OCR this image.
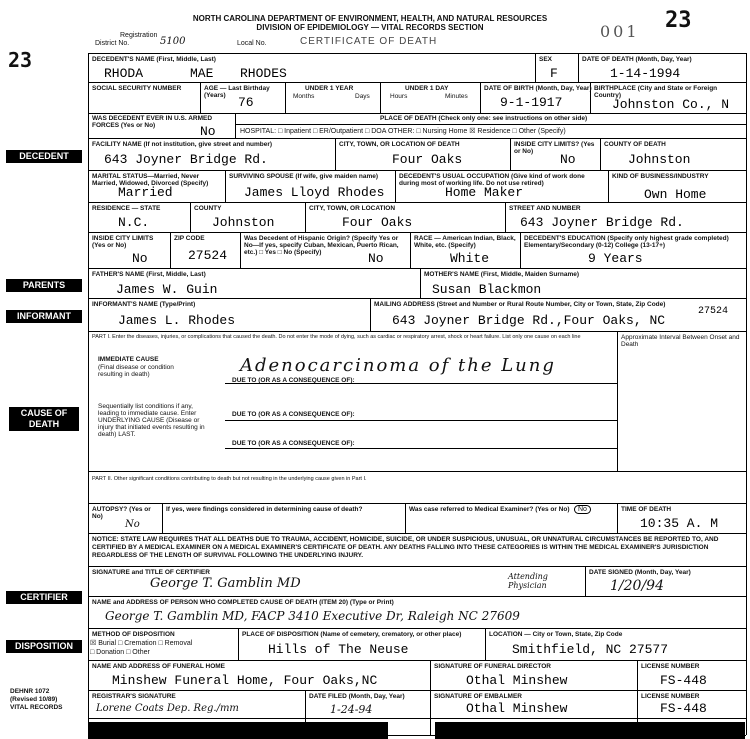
NORTH CAROLINA DEPARTMENT OF ENVIRONMENT, HEALTH, AND NATURAL RESOURCES
DIVISION OF EPIDEMIOLOGY — VITAL RECORDS SECTION
Registration
District No.	5100	Local No.	CERTIFICATE OF DEATH
23
001
23
DECEDENT
PARENTS
INFORMANT
CAUSE OF DEATH
CERTIFIER
DISPOSITION
DECEDENT'S NAME (First, Middle, Last)
RHODA	MAE RHODES
SEX
F
DATE OF DEATH (Month, Day, Year)
1-14-1994
SOCIAL SECURITY NUMBER	AGE — Last Birthday (Years) 76
UNDER 1 YEAR
Months	Days
UNDER 1 DAY
Hours	Minutes
DATE OF BIRTH (Month, Day, Year)
9-1-1917
BIRTHPLACE (City and State or Foreign Country)
Johnston Co., N
WAS DECEDENT EVER IN U.S. ARMED FORCES (Yes or No)	No
PLACE OF DEATH (Check only one: see instructions on other side)
HOSPITAL: □ Inpatient □ ER/Outpatient □ DOA OTHER: □ Nursing Home ☒ Residence □ Other (Specify)
FACILITY NAME (If not institution, give street and number)
643 Joyner Bridge Rd.
CITY, TOWN, OR LOCATION OF DEATH
Four Oaks
INSIDE CITY LIMITS? (Yes or No)
No
COUNTY OF DEATH
Johnston
MARITAL STATUS—Married, Never Married, Widowed, Divorced (Specify)
Married
SURVIVING SPOUSE (If wife, give maiden name)
James Lloyd Rhodes
DECEDENT'S USUAL OCCUPATION (Give kind of work done during most of working life. Do not use retired)
Home Maker
KIND OF BUSINESS/INDUSTRY
Own Home
RESIDENCE — STATE
N.C.
COUNTY
Johnston
CITY, TOWN, OR LOCATION
Four Oaks
STREET AND NUMBER
643 Joyner Bridge Rd.
INSIDE CITY LIMITS (Yes or No)
No
ZIP CODE
27524
Was Decedent of Hispanic Origin? (Specify Yes or No—If yes, specify Cuban, Mexican, Puerto Rican, etc.) □ Yes □ No (Specify)	No
RACE — American Indian, Black, White, etc. (Specify)
White
DECEDENT'S EDUCATION (Specify only highest grade completed) Elementary/Secondary (0-12) College (13-17+)
9 Years
FATHER'S NAME (First, Middle, Last)
James W. Guin
MOTHER'S NAME (First, Middle, Maiden Surname)
Susan Blackmon
INFORMANT'S NAME (Type/Print)
James L. Rhodes
MAILING ADDRESS (Street and Number or Rural Route Number, City or Town, State, Zip Code)
643 Joyner Bridge Rd.,Four Oaks, NC
27524
PART I. Enter the diseases, injuries, or complications that caused the death. Do not enter the mode of dying, such as cardiac or respiratory arrest, shock or heart failure. List only one cause on each line	Approximate Interval Between Onset and Death
IMMEDIATE CAUSE
(Final disease or condition resulting in death)	Adenocarcinoma of the Lung
DUE TO (OR AS A CONSEQUENCE OF):
Sequentially list conditions if any, leading to immediate cause. Enter UNDERLYING CAUSE (Disease or injury that initiated events resulting in death) LAST.
DUE TO (OR AS A CONSEQUENCE OF):
DUE TO (OR AS A CONSEQUENCE OF):
PART II. Other significant conditions contributing to death but not resulting in the underlying cause given in Part I.
AUTOPSY? (Yes or No)
No
If yes, were findings considered in determining cause of death?	Was case referred to Medical Examiner? (Yes or No)	No	TIME OF DEATH
10:35 A. M
NOTICE: STATE LAW REQUIRES THAT ALL DEATHS DUE TO TRAUMA, ACCIDENT, HOMICIDE, SUICIDE, OR UNDER SUSPICIOUS, UNUSUAL, OR UNNATURAL CIRCUMSTANCES BE REPORTED TO, AND CERTIFIED BY A MEDICAL EXAMINER ON A MEDICAL EXAMINER'S CERTIFICATE OF DEATH. ANY DEATHS FALLING INTO THESE CATEGORIES IS WITHIN THE MEDICAL EXAMINER'S JURISDICTION REGARDLESS OF THE LENGTH OF SURVIVAL FOLLOWING THE UNDERLYING INJURY.
SIGNATURE and TITLE OF CERTIFIER
George T. Gamblin MD	Attending Physician
DATE SIGNED (Month, Day, Year)
1/20/94
NAME and ADDRESS OF PERSON WHO COMPLETED CAUSE OF DEATH (ITEM 20) (Type or Print)
George T. Gamblin MD, FACP 3410 Executive Dr, Raleigh NC 27609
METHOD OF DISPOSITION
☒ Burial □ Cremation □ Removal
□ Donation □ Other
PLACE OF DISPOSITION (Name of cemetery, crematory, or other place)
Hills of The Neuse
LOCATION — City or Town, State, Zip Code
Smithfield, NC 27577
NAME AND ADDRESS OF FUNERAL HOME
Minshew Funeral Home, Four Oaks,NC
SIGNATURE OF FUNERAL DIRECTOR
Othal Minshew
LICENSE NUMBER
FS-448
REGISTRAR'S SIGNATURE
Lorene Coats Dep. Reg./mm
DATE FILED (Month, Day, Year)
1-24-94
SIGNATURE OF EMBALMER
Othal Minshew
LICENSE NUMBER
FS-448
DEHNR 1072
(Revised 10/89)
VITAL RECORDS
